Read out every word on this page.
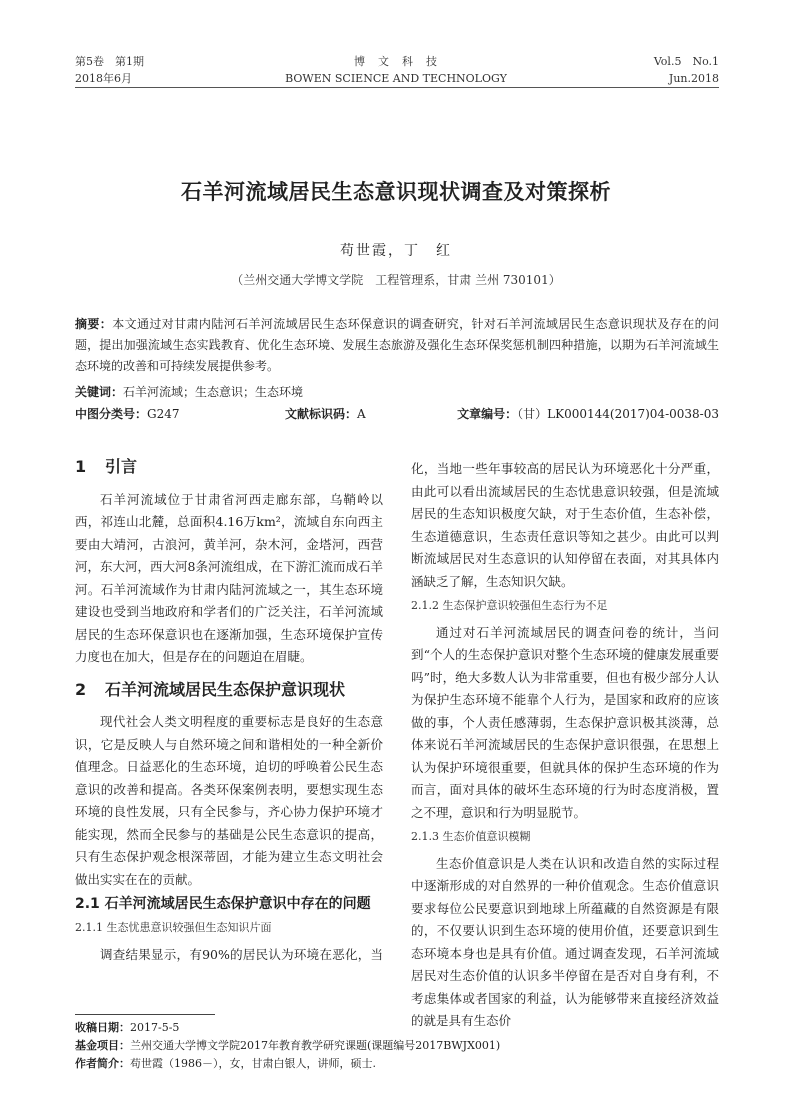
第5卷　第1期
2018年6月
博　文　科　技
BOWEN SCIENCE AND TECHNOLOGY
Vol.5　No.1
Jun.2018
石羊河流域居民生态意识现状调查及对策探析
苟世霞，丁　红
（兰州交通大学博文学院　工程管理系，甘肃 兰州 730101）
摘要：本文通过对甘肃内陆河石羊河流域居民生态环保意识的调查研究，针对石羊河流域居民生态意识现状及存在的问题，提出加强流域生态实践教育、优化生态环境、发展生态旅游及强化生态环保奖惩机制四种措施，以期为石羊河流域生态环境的改善和可持续发展提供参考。
关键词：石羊河流域；生态意识；生态环境
中图分类号：G247	文献标识码：A	文章编号：（甘）LK000144(2017)04-0038-03
1 引言

石羊河流域位于甘肃省河西走廊东部，乌鞘岭以西，祁连山北麓，总面积4.16万km²，流域自东向西主要由大靖河，古浪河，黄羊河，杂木河，金塔河，西营河，东大河，西大河8条河流组成，在下游汇流而成石羊河。石羊河流域作为甘肃内陆河流域之一，其生态环境建设也受到当地政府和学者们的广泛关注，石羊河流域居民的生态环保意识也在逐渐加强，生态环境保护宣传力度也在加大，但是存在的问题迫在眉睫。

2 石羊河流域居民生态保护意识现状

现代社会人类文明程度的重要标志是良好的生态意识，它是反映人与自然环境之间和谐相处的一种全新价值理念。日益恶化的生态环境，迫切的呼唤着公民生态意识的改善和提高。各类环保案例表明，要想实现生态环境的良性发展，只有全民参与，齐心协力保护环境才能实现，然而全民参与的基础是公民生态意识的提高，只有生态保护观念根深蒂固，才能为建立生态文明社会做出实实在在的贡献。

2.1 石羊河流域居民生态保护意识中存在的问题
2.1.1 生态忧患意识较强但生态知识片面

调查结果显示，有90%的居民认为环境在恶化，当

化，当地一些年事较高的居民认为环境恶化十分严重，由此可以看出流域居民的生态忧患意识较强，但是流域居民的生态知识极度欠缺，对于生态价值，生态补偿，生态道德意识，生态责任意识等知之甚少。由此可以判断流域居民对生态意识的认知停留在表面，对其具体内涵缺乏了解，生态知识欠缺。

2.1.2 生态保护意识较强但生态行为不足

通过对石羊河流域居民的调查问卷的统计，当问到“个人的生态保护意识对整个生态环境的健康发展重要吗”时，绝大多数人认为非常重要，但也有极少部分人认为保护生态环境不能靠个人行为，是国家和政府的应该做的事，个人责任感薄弱，生态保护意识极其淡薄，总体来说石羊河流域居民的生态保护意识很强，在思想上认为保护环境很重要，但就具体的保护生态环境的作为而言，面对具体的破坏生态环境的行为时态度消极，置之不理，意识和行为明显脱节。

2.1.3 生态价值意识模糊

生态价值意识是人类在认识和改造自然的实际过程中逐渐形成的对自然界的一种价值观念。生态价值意识要求每位公民要意识到地球上所蕴藏的自然资源是有限的，不仅要认识到生态环境的使用价值，还要意识到生态环境本身也是具有价值。通过调查发现，石羊河流域居民对生态价值的认识多半停留在是否对自身有利，不考虑集体或者国家的利益，认为能够带来直接经济效益的就是具有生态价

收稿日期：2017-5-5
基金项目：兰州交通大学博文学院2017年教育教学研究课题(课题编号2017BWJX001)
作者简介：苟世霞（1986－），女，甘肃白银人，讲师，硕士.
